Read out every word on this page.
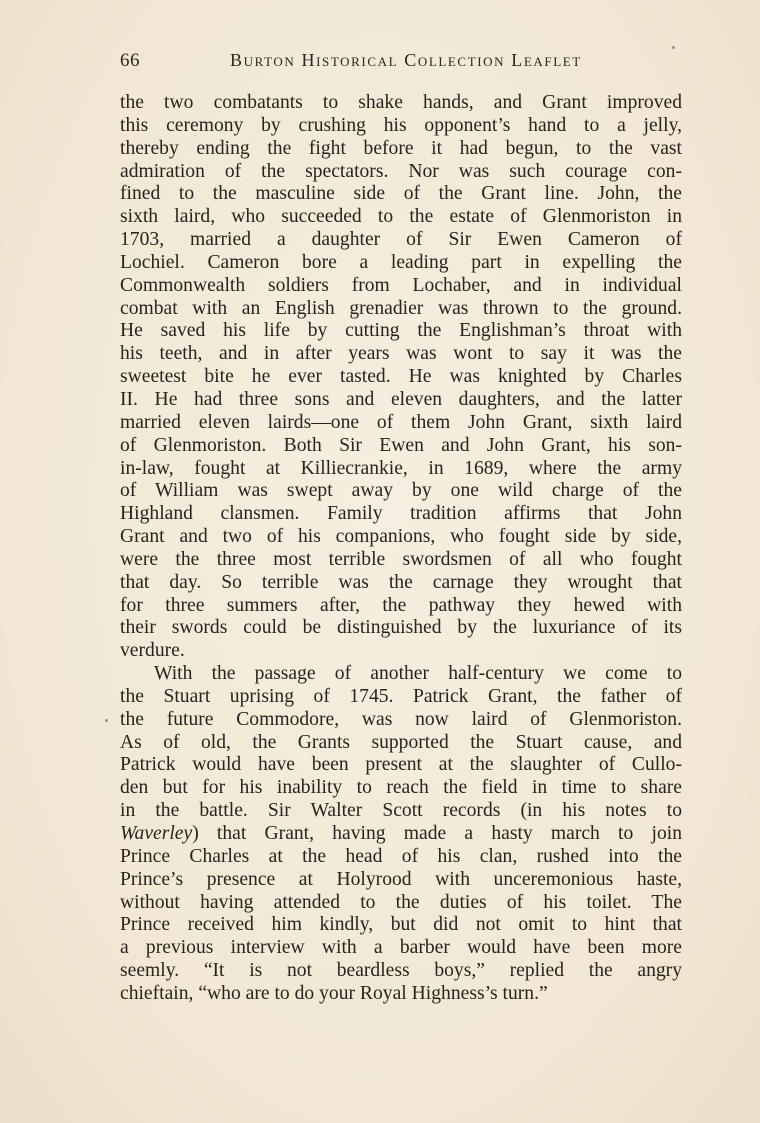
66	Burton Historical Collection Leaflet
the two combatants to shake hands, and Grant improved
this ceremony by crushing his opponent’s hand to a jelly,
thereby ending the fight before it had begun, to the vast
admiration of the spectators. Nor was such courage con-
fined to the masculine side of the Grant line. John, the
sixth laird, who succeeded to the estate of Glenmoriston in
1703, married a daughter of Sir Ewen Cameron of
Lochiel. Cameron bore a leading part in expelling the
Commonwealth soldiers from Lochaber, and in individual
combat with an English grenadier was thrown to the ground.
He saved his life by cutting the Englishman’s throat with
his teeth, and in after years was wont to say it was the
sweetest bite he ever tasted. He was knighted by Charles
II. He had three sons and eleven daughters, and the latter
married eleven lairds—one of them John Grant, sixth laird
of Glenmoriston. Both Sir Ewen and John Grant, his son-
in-law, fought at Killiecrankie, in 1689, where the army
of William was swept away by one wild charge of the
Highland clansmen. Family tradition affirms that John
Grant and two of his companions, who fought side by side,
were the three most terrible swordsmen of all who fought
that day. So terrible was the carnage they wrought that
for three summers after, the pathway they hewed with
their swords could be distinguished by the luxuriance of its
verdure.
With the passage of another half-century we come to
the Stuart uprising of 1745. Patrick Grant, the father of
the future Commodore, was now laird of Glenmoriston.
As of old, the Grants supported the Stuart cause, and
Patrick would have been present at the slaughter of Cullo-
den but for his inability to reach the field in time to share
in the battle. Sir Walter Scott records (in his notes to
Waverley) that Grant, having made a hasty march to join
Prince Charles at the head of his clan, rushed into the
Prince’s presence at Holyrood with unceremonious haste,
without having attended to the duties of his toilet. The
Prince received him kindly, but did not omit to hint that
a previous interview with a barber would have been more
seemly. “It is not beardless boys,” replied the angry
chieftain, “who are to do your Royal Highness’s turn.”
